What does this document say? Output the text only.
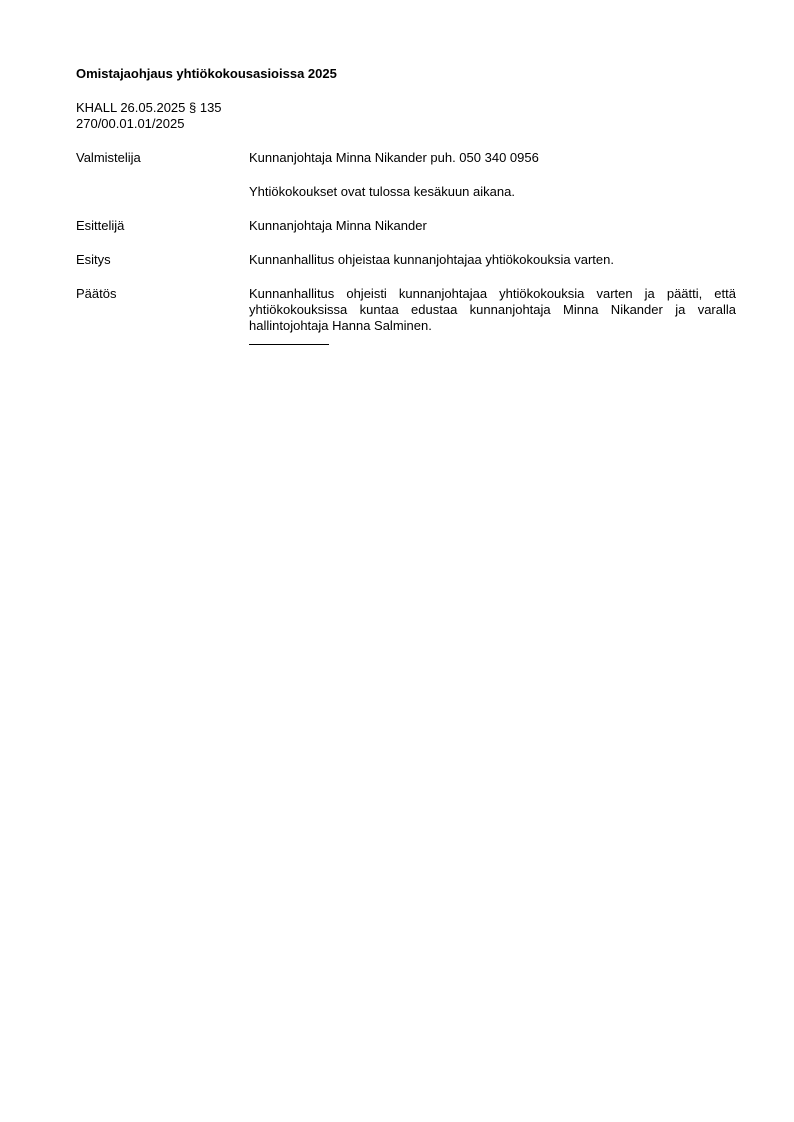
Omistajaohjaus yhtiökokousasioissa 2025
KHALL 26.05.2025 § 135
270/00.01.01/2025
Valmistelija	Kunnanjohtaja Minna Nikander puh. 050 340 0956

Yhtiökokoukset ovat tulossa kesäkuun aikana.

Esittelijä	Kunnanjohtaja Minna Nikander

Esitys	Kunnanhallitus ohjeistaa kunnanjohtajaa yhtiökokouksia varten.

Päätös	Kunnanhallitus ohjeisti kunnanjohtajaa yhtiökokouksia varten ja päätti, että yhtiökokouksissa kuntaa edustaa kunnanjohtaja Minna Nikander ja varalla hallintojohtaja Hanna Salminen.
